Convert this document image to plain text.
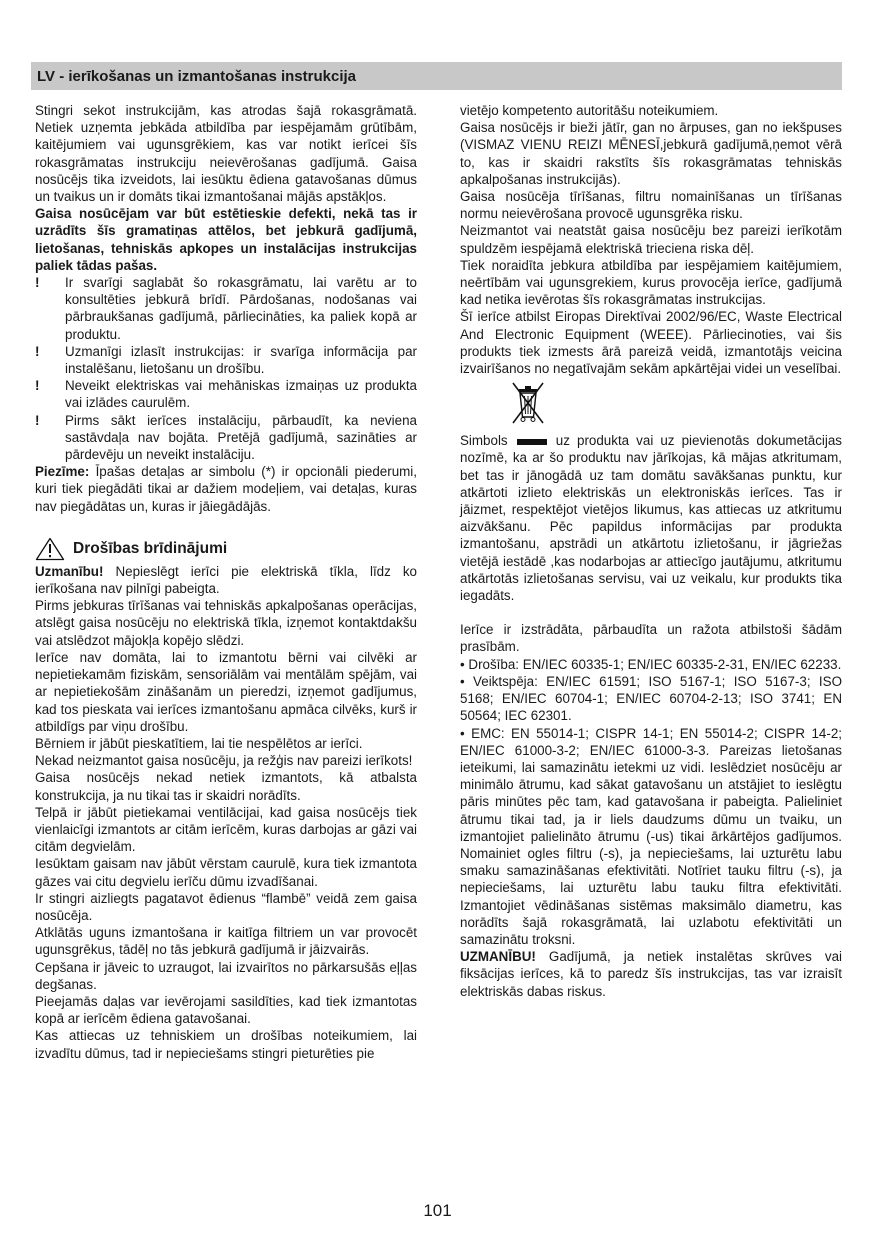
LV - ierīkošanas un izmantošanas instrukcija

Stingri sekot instrukcijām, kas atrodas šajā rokasgrāmatā. Netiek uzņemta jebkāda atbildība par iespējamām grūtībām, kaitējumiem vai ugunsgrēkiem, kas var notikt ierīcei šīs rokasgrāmatas instrukciju neievērošanas gadījumā. Gaisa nosūcējs tika izveidots, lai iesūktu ēdiena gatavošanas dūmus un tvaikus un ir domāts tikai izmantošanai mājās apstākļos.

Gaisa nosūcējam var būt estētieskie defekti, nekā tas ir uzrādīts šīs gramatiņas attēlos, bet jebkurā gadījumā, lietošanas, tehniskās apkopes un instalācijas instrukcijas paliek tādas pašas.

! Ir svarīgi saglabāt šo rokasgrāmatu, lai varētu ar to konsultēties jebkurā brīdī. Pārdošanas, nodošanas vai pārbraukšanas gadījumā, pārliecināties, ka paliek kopā ar produktu.

! Uzmanīgi izlasīt instrukcijas: ir svarīga informācija par instalēšanu, lietošanu un drošību.

! Neveikt elektriskas vai mehāniskas izmaiņas uz produkta vai izlādes caurulēm.

! Pirms sākt ierīces instalāciju, pārbaudīt, ka neviena sastāvdaļa nav bojāta. Pretējā gadījumā, sazināties ar pārdevēju un neveikt instalāciju.

Piezīme: Īpašas detaļas ar simbolu (*) ir opcionāli piederumi, kuri tiek piegādāti tikai ar dažiem modeļiem, vai detaļas, kuras nav piegādātas un, kuras ir jāiegādājās.

Drošības brīdinājumi

Uzmanību! Nepieslēgt ierīci pie elektriskā tīkla, līdz ko ierīkošana nav pilnīgi pabeigta.

Pirms jebkuras tīrīšanas vai tehniskās apkalpošanas operācijas, atslēgt gaisa nosūcēju no elektriskā tīkla, izņemot kontaktdakšu vai atslēdzot mājokļa kopējo slēdzi.

Ierīce nav domāta, lai to izmantotu bērni vai cilvēki ar nepietiekamām fiziskām, sensoriālām vai mentālām spējām, vai ar nepietiekošām zināšanām un pieredzi, izņemot gadījumus, kad tos pieskata vai ierīces izmantošanu apmāca cilvēks, kurš ir atbildīgs par viņu drošību.

Bērniem ir jābūt pieskatītiem, lai tie nespēlētos ar ierīci.

Nekad neizmantot gaisa nosūcēju, ja režģis nav pareizi ierīkots!

Gaisa nosūcējs nekad netiek izmantots, kā atbalsta konstrukcija, ja nu tikai tas ir skaidri norādīts.

Telpā ir jābūt pietiekamai ventilācijai, kad gaisa nosūcējs tiek vienlaicīgi izmantots ar citām ierīcēm, kuras darbojas ar gāzi vai citām degvielām.

Iesūktam gaisam nav jābūt vērstam caurulē, kura tiek izmantota gāzes vai citu degvielu ierīču dūmu izvadīšanai.

Ir stingri aizliegts pagatavot ēdienus “flambē” veidā zem gaisa nosūcēja.

Atklātās uguns izmantošana ir kaitīga filtriem un var provocēt ugunsgrēkus, tādēļ no tās jebkurā gadījumā ir jāizvairās.

Cepšana ir jāveic to uzraugot, lai izvairītos no pārkarsušās eļļas degšanas.

Pieejamās daļas var ievērojami sasildīties, kad tiek izmantotas kopā ar ierīcēm ēdiena gatavošanai.

Kas attiecas uz tehniskiem un drošības noteikumiem, lai izvadītu dūmus, tad ir nepieciešams stingri pieturēties pie

vietējo kompetento autoritāšu noteikumiem.

Gaisa nosūcējs ir bieži jātīr, gan no ārpuses, gan no iekšpuses (VISMAZ VIENU REIZI MĒNESĪ,jebkurā gadījumā,ņemot vērā to, kas ir skaidri rakstīts šīs rokasgrāmatas tehniskās apkalpošanas instrukcijās).

Gaisa nosūcēja tīrīšanas, filtru nomainīšanas un tīrīšanas normu neievērošana provocē ugunsgrēka risku.

Neizmantot vai neatstāt gaisa nosūcēju bez pareizi ierīkotām spuldzēm iespējamā elektriskā trieciena riska dēļ.

Tiek noraidīta jebkura atbildība par iespējamiem kaitējumiem, neērtībām vai ugunsgrekiem, kurus provocēja ierīce, gadījumā kad netika ievērotas šīs rokasgrāmatas instrukcijas.

Šī ierīce atbilst Eiropas Direktīvai 2002/96/EC, Waste Electrical And Electronic Equipment (WEEE). Pārliecinoties, vai šis produkts tiek izmests ārā pareizā veidā, izmantotājs veicina izvairīšanos no negatīvajām sekām apkārtējai videi un veselībai.

Simbols	uz produkta vai uz pievienotās dokumetācijas nozīmē, ka ar šo produktu nav jārīkojas, kā mājas atkritumam, bet tas ir jānogādā uz tam domātu savākšanas punktu, kur atkārtoti izlieto elektriskās un elektroniskās ierīces. Tas ir jāizmet, respektējot vietējos likumus, kas attiecas uz atkritumu aizvākšanu. Pēc papildus informācijas par produkta izmantošanu, apstrādi un atkārtotu izlietošanu, ir jāgriežas vietējā iestādē ,kas nodarbojas ar attiecīgo jautājumu, atkritumu atkārtotās izlietošanas servisu, vai uz veikalu, kur produkts tika iegadāts.

Ierīce ir izstrādāta, pārbaudīta un ražota atbilstoši šādām prasībām.

• Drošība: EN/IEC 60335-1; EN/IEC 60335-2-31, EN/IEC 62233.

• Veiktspēja: EN/IEC 61591; ISO 5167-1; ISO 5167-3; ISO 5168; EN/IEC 60704-1; EN/IEC 60704-2-13; ISO 3741; EN 50564; IEC 62301.

• EMC: EN 55014-1; CISPR 14-1; EN 55014-2; CISPR 14-2; EN/IEC 61000-3-2; EN/IEC 61000-3-3. Pareizas lietošanas ieteikumi, lai samazinātu ietekmi uz vidi. Ieslēdziet nosūcēju ar minimālo ātrumu, kad sākat gatavošanu un atstājiet to ieslēgtu pāris minūtes pēc tam, kad gatavošana ir pabeigta. Palieliniet ātrumu tikai tad, ja ir liels daudzums dūmu un tvaiku, un izmantojiet palielināto ātrumu (-us) tikai ārkārtējos gadījumos. Nomainiet ogles filtru (-s), ja nepieciešams, lai uzturētu labu smaku samazināšanas efektivitāti. Notīriet tauku filtru (-s), ja nepieciešams, lai uzturētu labu tauku filtra efektivitāti. Izmantojiet vēdināšanas sistēmas maksimālo diametru, kas norādīts šajā rokasgrāmatā, lai uzlabotu efektivitāti un samazinātu troksni.

UZMANĪBU! Gadījumā, ja netiek instalētas skrūves vai fiksācijas ierīces, kā to paredz šīs instrukcijas, tas var izraisīt elektriskās dabas riskus.

101
